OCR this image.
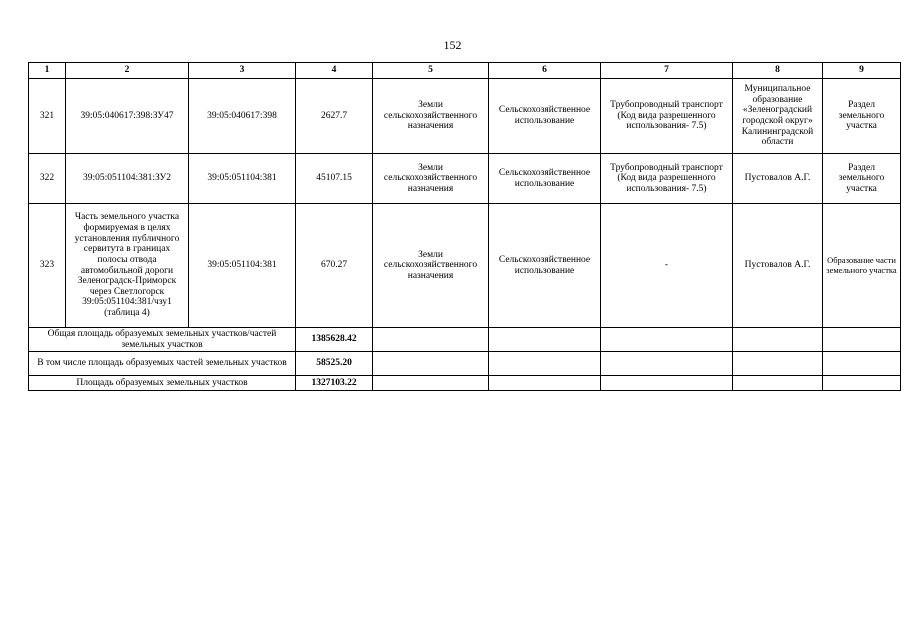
152
1	2	3	4	5	6	7	8	9
321	39:05:040617:398:ЗУ47	39:05:040617:398	2627.7	Земли сельскохозяйственного назначения	Сельскохозяйственное использование	Трубопроводный транспорт (Код вида разрешенного использования- 7.5)	Муниципальное образование «Зеленоградский городской округ» Калининградской области	Раздел земельного участка
322	39:05:051104:381:ЗУ2	39:05:051104:381	45107.15	Земли сельскохозяйственного назначения	Сельскохозяйственное использование	Трубопроводный транспорт (Код вида разрешенного использования- 7.5)	Пустовалов А.Г.	Раздел земельного участка
323	Часть земельного участка формируемая в целях установления публичного сервитута в границах полосы отвода автомобильной дороги Зеленоградск-Приморск через Светлогорск 39:05:051104:381/чзу1 (таблица 4)	39:05:051104:381	670.27	Земли сельскохозяйственного назначения	Сельскохозяйственное использование	-	Пустовалов А.Г.	Образование части земельного участка
Общая площадь образуемых земельных участков/частей земельных участков			1385628.42					
В том числе площадь образуемых частей земельных участков			58525.20					
Площадь образуемых земельных участков			1327103.22					
